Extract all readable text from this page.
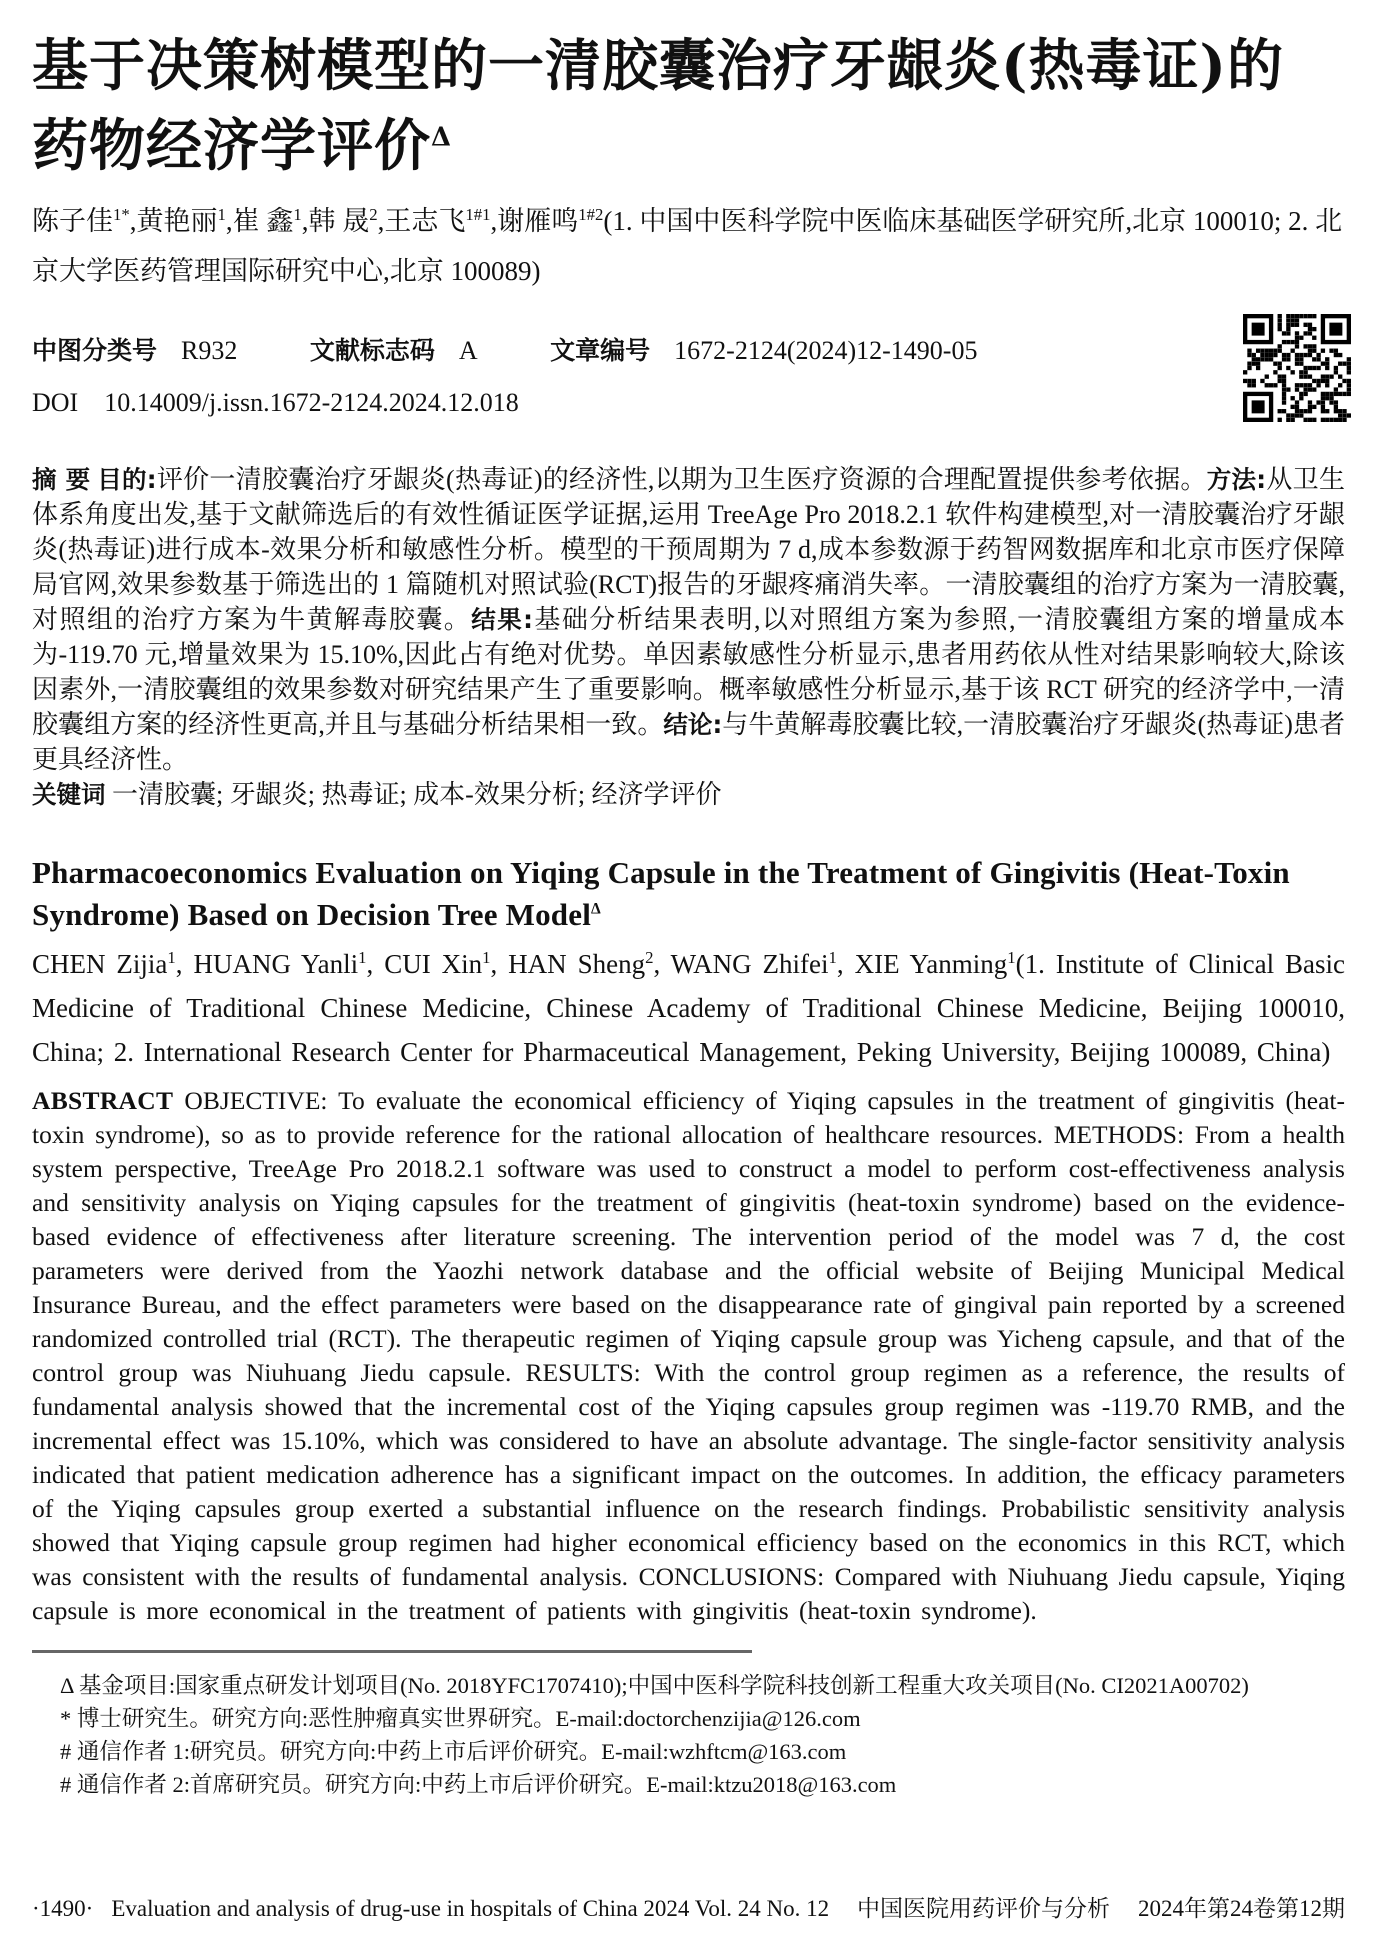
基于决策树模型的一清胶囊治疗牙龈炎(热毒证)的
药物经济学评价$^\Delta$

陈子佳$^{1*}$,黄艳丽$^1$,崔 鑫$^1$,韩 晟$^2$,王志飞$^{1\#1}$,谢雁鸣$^{1\#2}$(1. 中国中医科学院中医临床基础医学研究所,北京 100010; 2. 北京大学医药管理国际研究中心,北京 100089)

中图分类号 R932	文献标志码 A	文章编号 1672-2124(2024)12-1490-05

DOI 10.14009/j.issn.1672-2124.2024.12.018

摘 要 目的:评价一清胶囊治疗牙龈炎(热毒证)的经济性,以期为卫生医疗资源的合理配置提供参考依据。方法:从卫生体系角度出发,基于文献筛选后的有效性循证医学证据,运用 TreeAge Pro 2018.2.1 软件构建模型,对一清胶囊治疗牙龈炎(热毒证)进行成本-效果分析和敏感性分析。模型的干预周期为 7 d,成本参数源于药智网数据库和北京市医疗保障局官网,效果参数基于筛选出的 1 篇随机对照试验(RCT)报告的牙龈疼痛消失率。一清胶囊组的治疗方案为一清胶囊,对照组的治疗方案为牛黄解毒胶囊。结果:基础分析结果表明,以对照组方案为参照,一清胶囊组方案的增量成本为-119.70 元,增量效果为 15.10%,因此占有绝对优势。单因素敏感性分析显示,患者用药依从性对结果影响较大,除该因素外,一清胶囊组的效果参数对研究结果产生了重要影响。概率敏感性分析显示,基于该 RCT 研究的经济学中,一清胶囊组方案的经济性更高,并且与基础分析结果相一致。结论:与牛黄解毒胶囊比较,一清胶囊治疗牙龈炎(热毒证)患者更具经济性。

关键词 一清胶囊; 牙龈炎; 热毒证; 成本-效果分析; 经济学评价

Pharmacoeconomics Evaluation on Yiqing Capsule in the Treatment of Gingivitis (Heat-Toxin Syndrome) Based on Decision Tree Model$^\Delta$

CHEN Zijia$^1$, HUANG Yanli$^1$, CUI Xin$^1$, HAN Sheng$^2$, WANG Zhifei$^1$, XIE Yanming$^1$(1. Institute of Clinical Basic Medicine of Traditional Chinese Medicine, Chinese Academy of Traditional Chinese Medicine, Beijing 100010, China; 2. International Research Center for Pharmaceutical Management, Peking University, Beijing 100089, China)

ABSTRACT OBJECTIVE: To evaluate the economical efficiency of Yiqing capsules in the treatment of gingivitis (heat-toxin syndrome), so as to provide reference for the rational allocation of healthcare resources. METHODS: From a health system perspective, TreeAge Pro 2018.2.1 software was used to construct a model to perform cost-effectiveness analysis and sensitivity analysis on Yiqing capsules for the treatment of gingivitis (heat-toxin syndrome) based on the evidence-based evidence of effectiveness after literature screening. The intervention period of the model was 7 d, the cost parameters were derived from the Yaozhi network database and the official website of Beijing Municipal Medical Insurance Bureau, and the effect parameters were based on the disappearance rate of gingival pain reported by a screened randomized controlled trial (RCT). The therapeutic regimen of Yiqing capsule group was Yicheng capsule, and that of the control group was Niuhuang Jiedu capsule. RESULTS: With the control group regimen as a reference, the results of fundamental analysis showed that the incremental cost of the Yiqing capsules group regimen was -119.70 RMB, and the incremental effect was 15.10%, which was considered to have an absolute advantage. The single-factor sensitivity analysis indicated that patient medication adherence has a significant impact on the outcomes. In addition, the efficacy parameters of the Yiqing capsules group exerted a substantial influence on the research findings. Probabilistic sensitivity analysis showed that Yiqing capsule group regimen had higher economical efficiency based on the economics in this RCT, which was consistent with the results of fundamental analysis. CONCLUSIONS: Compared with Niuhuang Jiedu capsule, Yiqing capsule is more economical in the treatment of patients with gingivitis (heat-toxin syndrome).

Δ 基金项目:国家重点研发计划项目(No. 2018YFC1707410);中国中医科学院科技创新工程重大攻关项目(No. CI2021A00702)

* 博士研究生。研究方向:恶性肿瘤真实世界研究。E-mail:doctorchenzijia@126.com

# 通信作者 1:研究员。研究方向:中药上市后评价研究。E-mail:wzhftcm@163.com

# 通信作者 2:首席研究员。研究方向:中药上市后评价研究。E-mail:ktzu2018@163.com

·1490· Evaluation and analysis of drug-use in hospitals of China 2024 Vol. 24 No. 12 中国医院用药评价与分析 2024年第24卷第12期
